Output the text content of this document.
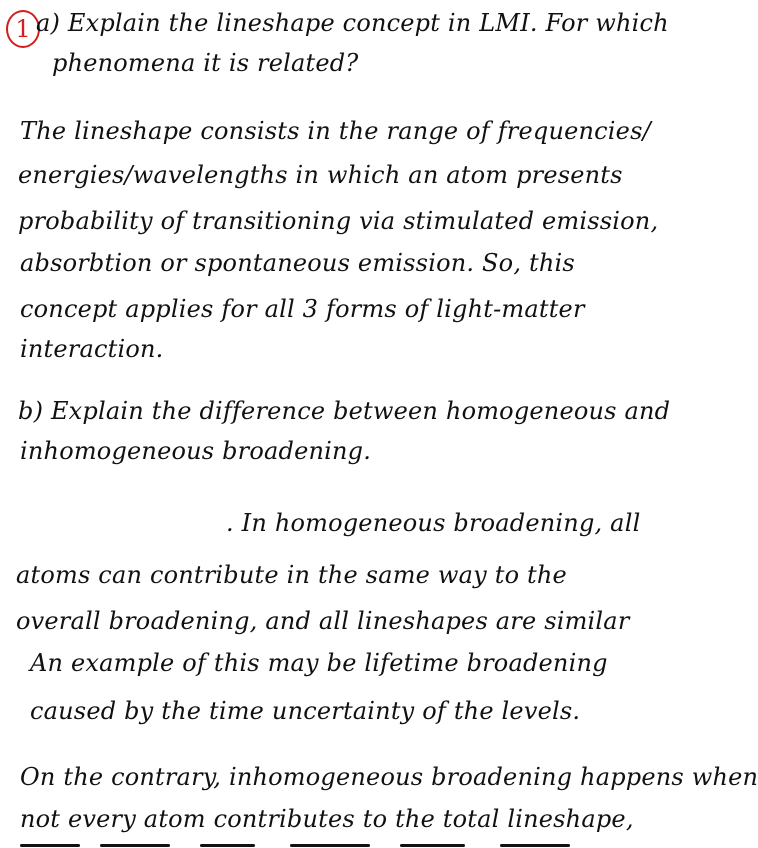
1 a) Explain the lineshape concept in LMI. For which
phenomena it is related?
The lineshape consists in the range of frequencies/
energies/wavelengths in which an atom presents
probability of transitioning via stimulated emission,
absorbtion or spontaneous emission. So, this
concept applies for all 3 forms of light-matter
interaction.
b) Explain the difference between homogeneous and
inhomogeneous broadening.
. In homogeneous broadening, all
atoms can contribute in the same way to the
overall broadening, and all lineshapes are similar
An example of this may be lifetime broadening
caused by the time uncertainty of the levels.
On the contrary, inhomogeneous broadening happens when
not every atom contributes to the total lineshape,
